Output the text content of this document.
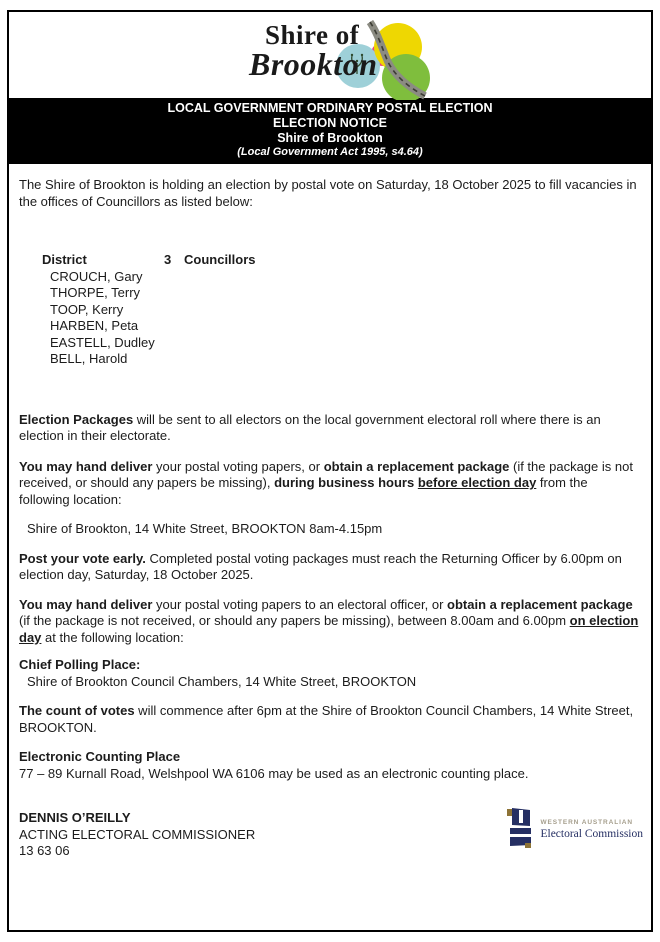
Shire of
Brookton
LOCAL GOVERNMENT ORDINARY POSTAL ELECTION
ELECTION NOTICE
Shire of Brookton
(Local Government Act 1995, s4.64)
The Shire of Brookton is holding an election by postal vote on Saturday, 18 October 2025 to fill vacancies in the offices of Councillors as listed below:
District	3 Councillors
CROUCH, Gary
THORPE, Terry
TOOP, Kerry
HARBEN, Peta
EASTELL, Dudley
BELL, Harold
Election Packages will be sent to all electors on the local government electoral roll where there is an election in their electorate.
You may hand deliver your postal voting papers, or obtain a replacement package (if the package is not received, or should any papers be missing), during business hours before election day from the following location:
Shire of Brookton, 14 White Street, BROOKTON 8am-4.15pm
Post your vote early. Completed postal voting packages must reach the Returning Officer by 6.00pm on election day, Saturday, 18 October 2025.
You may hand deliver your postal voting papers to an electoral officer, or obtain a replacement package (if the package is not received, or should any papers be missing), between 8.00am and 6.00pm on election day at the following location:
Chief Polling Place:
Shire of Brookton Council Chambers, 14 White Street, BROOKTON
The count of votes will commence after 6pm at the Shire of Brookton Council Chambers, 14 White Street, BROOKTON.
Electronic Counting Place
77 – 89 Kurnall Road, Welshpool WA 6106 may be used as an electronic counting place.
DENNIS O’REILLY
ACTING ELECTORAL COMMISSIONER
13 63 06
WESTERN AUSTRALIAN
Electoral Commission
